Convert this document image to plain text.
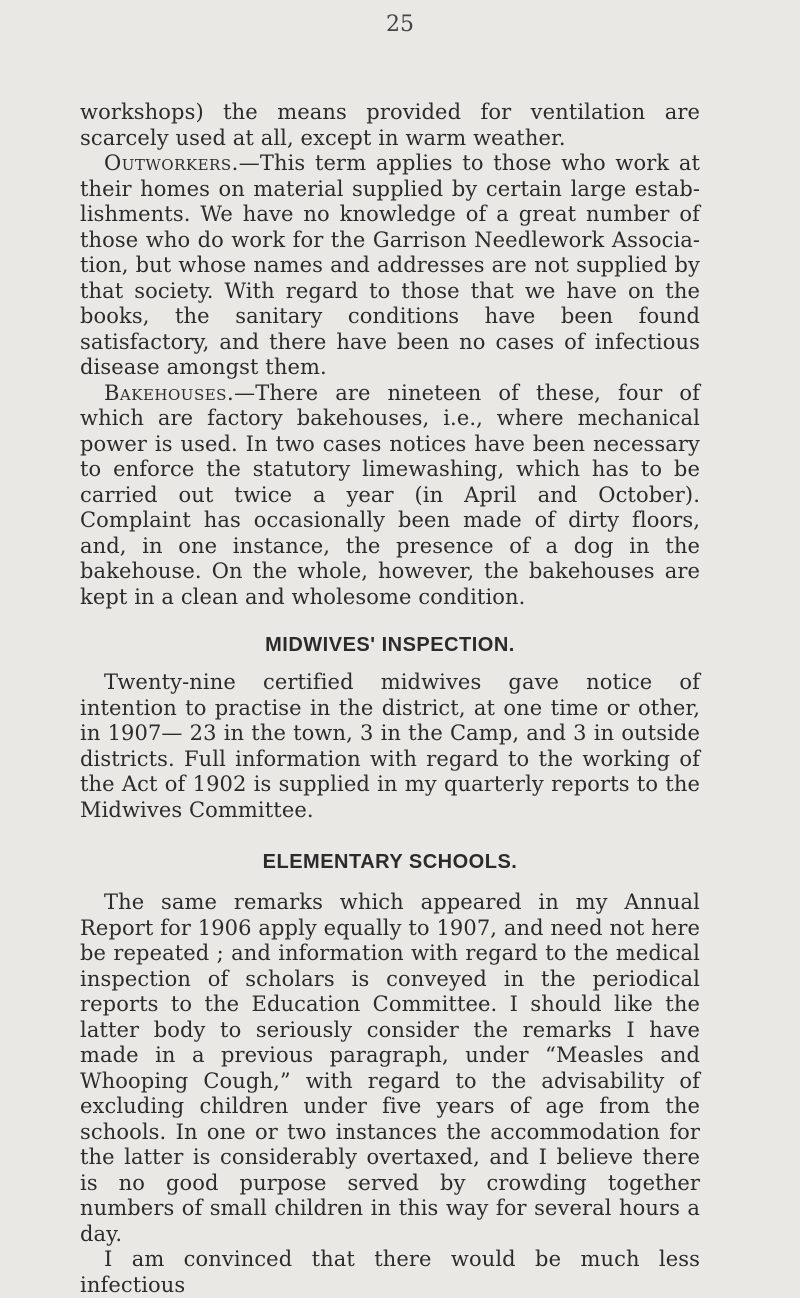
25

workshops) the means provided for ventilation are scarcely used at all, except in warm weather.

Outworkers.—This term applies to those who work at their homes on material supplied by certain large establishments. We have no knowledge of a great number of those who do work for the Garrison Needlework Association, but whose names and addresses are not supplied by that society. With regard to those that we have on the books, the sanitary conditions have been found satisfactory, and there have been no cases of infectious disease amongst them.

Bakehouses.—There are nineteen of these, four of which are factory bakehouses, i.e., where mechanical power is used. In two cases notices have been necessary to enforce the statutory limewashing, which has to be carried out twice a year (in April and October). Complaint has occasionally been made of dirty floors, and, in one instance, the presence of a dog in the bakehouse. On the whole, however, the bakehouses are kept in a clean and wholesome condition.

MIDWIVES' INSPECTION.

Twenty-nine certified midwives gave notice of intention to practise in the district, at one time or other, in 1907— 23 in the town, 3 in the Camp, and 3 in outside districts. Full information with regard to the working of the Act of 1902 is supplied in my quarterly reports to the Midwives Committee.

ELEMENTARY SCHOOLS.

The same remarks which appeared in my Annual Report for 1906 apply equally to 1907, and need not here be repeated ; and information with regard to the medical inspection of scholars is conveyed in the periodical reports to the Education Committee. I should like the latter body to seriously consider the remarks I have made in a previous paragraph, under “Measles and Whooping Cough,” with regard to the advisability of excluding children under five years of age from the schools. In one or two instances the accommodation for the latter is considerably overtaxed, and I believe there is no good purpose served by crowding together numbers of small children in this way for several hours a day.

I am convinced that there would be much less infectious
